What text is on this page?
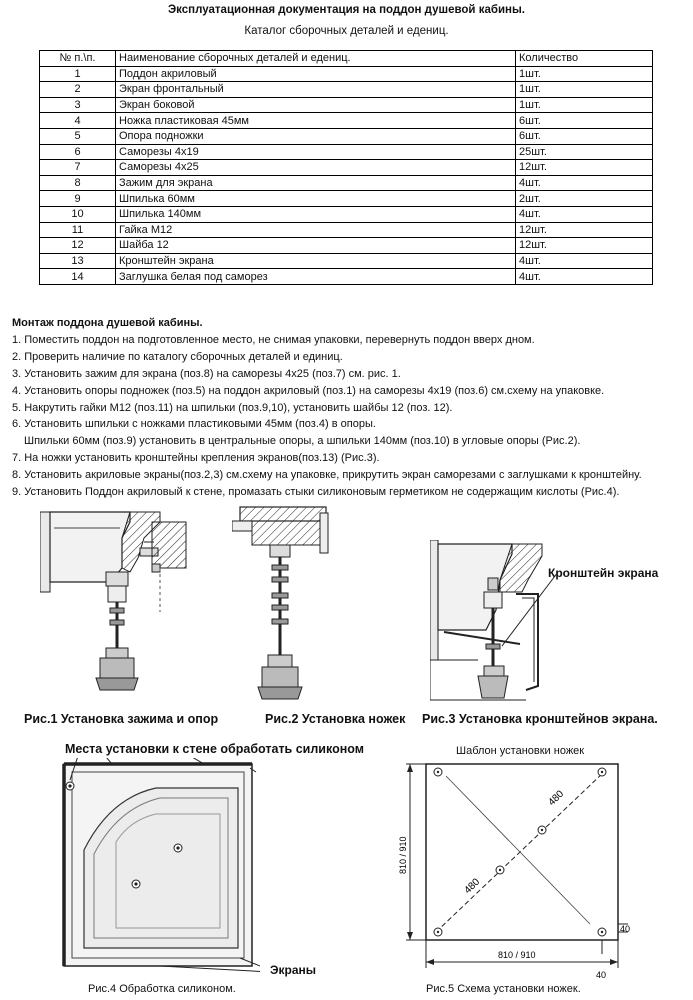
Эксплуатационная документация на поддон душевой кабины.
Каталог сборочных деталей и едениц.
№ п.\п.	Наименование сборочных деталей и едениц.	Количество
1	Поддон акриловый	1шт.
2	Экран фронтальный	1шт.
3	Экран боковой	1шт.
4	Ножка пластиковая 45мм	6шт.
5	Опора подножки	6шт.
6	Саморезы 4х19	25шт.
7	Саморезы 4х25	12шт.
8	Зажим для экрана	4шт.
9	Шпилька 60мм	2шт.
10	Шпилька 140мм	4шт.
11	Гайка М12	12шт.
12	Шайба 12	12шт.
13	Кронштейн экрана	4шт.
14	Заглушка белая под саморез	4шт.
Монтаж поддона душевой кабины.
1. Поместить поддон на подготовленное место, не снимая упаковки, перевернуть поддон вверх дном.
2. Проверить наличие по каталогу сборочных деталей и единиц.
3. Установить зажим для экрана (поз.8) на саморезы 4х25 (поз.7) см. рис. 1.
4. Установить опоры подножек (поз.5) на поддон акриловый (поз.1) на саморезы 4х19 (поз.6) см.схему на упаковке.
5. Накрутить гайки М12 (поз.11) на шпильки (поз.9,10), установить шайбы 12 (поз. 12).
6. Установить шпильки с ножками пластиковыми 45мм (поз.4) в опоры.
Шпильки 60мм (поз.9) установить в центральные опоры, а шпильки 140мм (поз.10) в угловые опоры (Рис.2).
7. На ножки установить кронштейны крепления экранов(поз.13) (Рис.3).
8. Установить акриловые экраны(поз.2,3) см.схему на упаковке, прикрутить экран саморезами с заглушками к кронштейну.
9. Установить Поддон акриловый к стене, промазать стыки силиконовым герметиком не содержащим кислоты (Рис.4).
Рис.1 Установка зажима и опор	Рис.2 Установка ножек
Кронштейн экрана
Рис.3 Установка кронштейнов экрана.
Места установки к стене обработать силиконом
Экраны
Рис.4 Обработка силиконом.
Шаблон установки ножек
480
480
810 / 910
810 / 910
40
40
Рис.5 Схема установки ножек.
